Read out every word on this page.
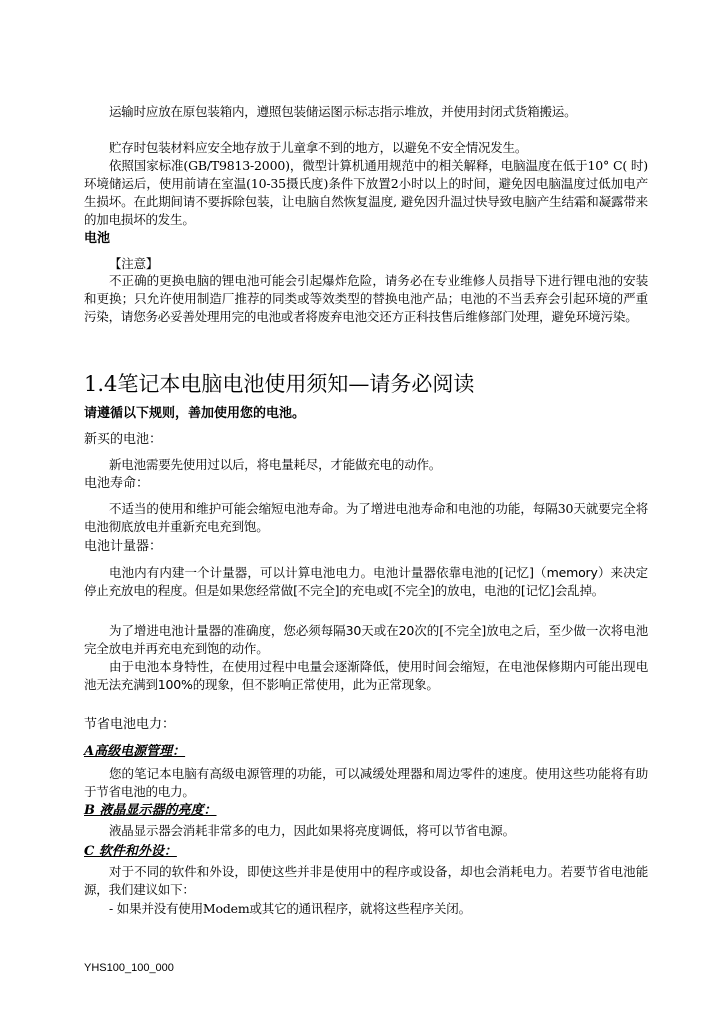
运输时应放在原包装箱内，遵照包装储运图示标志指示堆放，并使用封闭式货箱搬运。

贮存时包装材料应安全地存放于儿童拿不到的地方，以避免不安全情况发生。

依照国家标准(GB/T9813-2000)，微型计算机通用规范中的相关解释，电脑温度在低于10° C( 时) 环境储运后，使用前请在室温(10-35摄氏度)条件下放置2小时以上的时间，避免因电脑温度过低加电产生损坏。在此期间请不要拆除包装，让电脑自然恢复温度, 避免因升温过快导致电脑产生结霜和凝露带来的加电损坏的发生。

电池

【注意】

不正确的更换电脑的锂电池可能会引起爆炸危险，请务必在专业维修人员指导下进行锂电池的安装和更换；只允许使用制造厂推荐的同类或等效类型的替换电池产品；电池的不当丢弃会引起环境的严重污染，请您务必妥善处理用完的电池或者将废弃电池交还方正科技售后维修部门处理，避免环境污染。

1.4笔记本电脑电池使用须知—请务必阅读
请遵循以下规则，善加使用您的电池。
新买的电池：

新电池需要先使用过以后，将电量耗尽，才能做充电的动作。

电池寿命：

不适当的使用和维护可能会缩短电池寿命。为了增进电池寿命和电池的功能，每隔30天就要完全将电池彻底放电并重新充电充到饱。

电池计量器：

电池内有内建一个计量器，可以计算电池电力。电池计量器依靠电池的[记忆]（memory）来决定停止充放电的程度。但是如果您经常做[不完全]的充电或[不完全]的放电，电池的[记忆]会乱掉。

为了增进电池计量器的准确度，您必须每隔30天或在20次的[不完全]放电之后，至少做一次将电池完全放电并再充电充到饱的动作。

由于电池本身特性，在使用过程中电量会逐渐降低，使用时间会缩短，在电池保修期内可能出现电池无法充满到100%的现象，但不影响正常使用，此为正常现象。

节省电池电力：
A高级电源管理：

您的笔记本电脑有高级电源管理的功能，可以减缓处理器和周边零件的速度。使用这些功能将有助于节省电池的电力。

B 液晶显示器的亮度：

液晶显示器会消耗非常多的电力，因此如果将亮度调低，将可以节省电源。

C 软件和外设：

对于不同的软件和外设，即使这些并非是使用中的程序或设备，却也会消耗电力。若要节省电池能源，我们建议如下：

- 如果并没有使用Modem或其它的通讯程序，就将这些程序关闭。

YHS100_100_000
